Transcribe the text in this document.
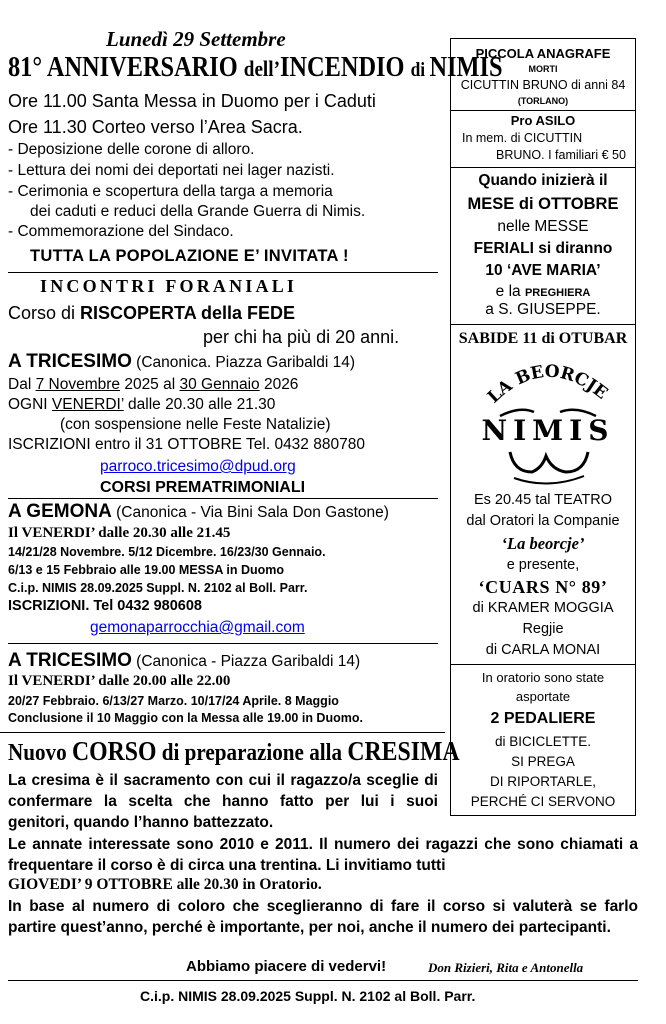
Lunedì 29 Settembre
81° ANNIVERSARIO dell’INCENDIO di NIMIS
Ore 11.00 Santa Messa in Duomo per i Caduti
Ore 11.30 Corteo verso l’Area Sacra.
- Deposizione delle corone di alloro.
- Lettura dei nomi dei deportati nei lager nazisti.
- Cerimonia e scopertura della targa a memoria
dei caduti e reduci della Grande Guerra di Nimis.
- Commemorazione del Sindaco.
TUTTA LA POPOLAZIONE E’ INVITATA !
INCONTRI FORANIALI
Corso di RISCOPERTA della FEDE
per chi ha più di 20 anni.
A TRICESIMO (Canonica. Piazza Garibaldi 14)
Dal 7 Novembre 2025 al 30 Gennaio 2026
OGNI VENERDI’ dalle 20.30 alle 21.30
(con sospensione nelle Feste Natalizie)
ISCRIZIONI entro il 31 OTTOBRE Tel. 0432 880780
parroco.tricesimo@dpud.org
CORSI PREMATRIMONIALI
A GEMONA (Canonica - Via Bini Sala Don Gastone)
Il VENERDI’ dalle 20.30 alle 21.45
14/21/28 Novembre. 5/12 Dicembre. 16/23/30 Gennaio.
6/13 e 15 Febbraio alle 19.00 MESSA in Duomo
C.i.p. NIMIS 28.09.2025 Suppl. N. 2102 al Boll. Parr.
ISCRIZIONI. Tel 0432 980608
gemonaparrocchia@gmail.com
A TRICESIMO (Canonica - Piazza Garibaldi 14)
Il VENERDI’ dalle 20.00 alle 22.00
20/27 Febbraio. 6/13/27 Marzo. 10/17/24 Aprile. 8 Maggio
Conclusione il 10 Maggio con la Messa alle 19.00 in Duomo.
Nuovo CORSO di preparazione alla CRESIMA
La cresima è il sacramento con cui il ragazzo/a sceglie di confermare la scelta che hanno fatto per lui i suoi genitori, quando l’hanno battezzato.
Le annate interessate sono 2010 e 2011. Il numero dei ragazzi che sono chiamati a frequentare il corso è di circa una trentina. Li invitiamo tutti
GIOVEDI’ 9 OTTOBRE alle 20.30 in Oratorio.
In base al numero di coloro che sceglieranno di fare il corso si valuterà se farlo partire quest’anno, perché è importante, per noi, anche il numero dei partecipanti.
Abbiamo piacere di vedervi!	Don Rizieri, Rita e Antonella
C.i.p. NIMIS 28.09.2025 Suppl. N. 2102 al Boll. Parr.
PICCOLA ANAGRAFE
MORTI
CICUTTIN BRUNO di anni 84
(TORLANO)
Pro ASILO
In mem. di CICUTTIN
BRUNO. I familiari € 50
Quando inizierà il
MESE di OTTOBRE
nelle MESSE
FERIALI si diranno
10 ‘AVE MARIA’
e la PREGHIERA
a S. GIUSEPPE.
SABIDE 11 di OTUBAR
LA BEORCJE
NIMIS
Es 20.45 tal TEATRO
dal Oratori la Companie
‘La beorcje’
e presente,
‘CUARS N° 89’
di KRAMER MOGGIA
Regjie
di CARLA MONAI
In oratorio sono state
asportate
2 PEDALIERE
di BICICLETTE.
SI PREGA
DI RIPORTARLE,
PERCHÉ CI SERVONO
